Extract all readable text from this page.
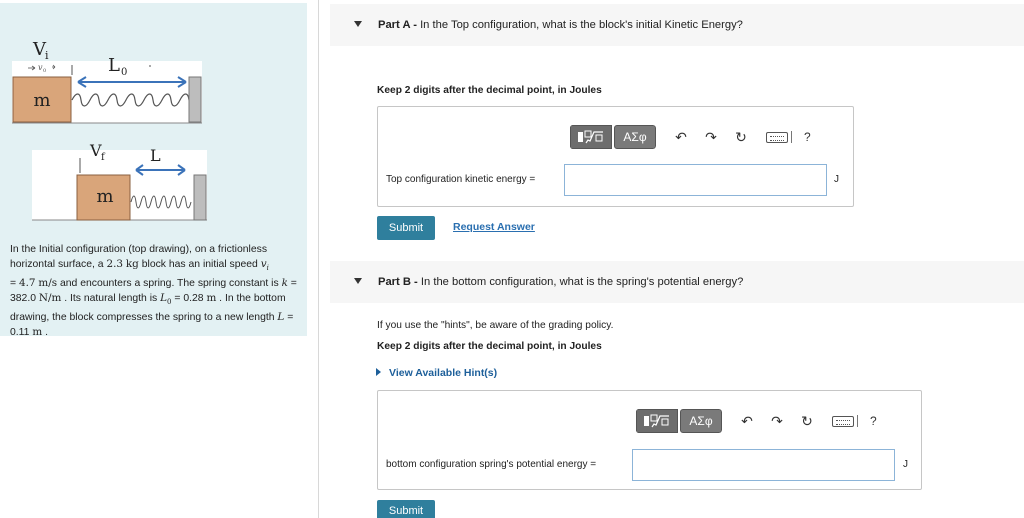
m
L 0
V i
v 0
m
L
V f
In the Initial configuration (top drawing), on a frictionless horizontal surface, a 2.3 kg block has an initial speed $v_i$
= 4.7 m/s and encounters a spring. The spring constant is k = 382.0 N/m . Its natural length is $L_0 = 0.28$ m . In the bottom drawing, the block compresses the spring to a new length L = 0.11 m .
Part A - In the Top configuration, what is the block's initial Kinetic Energy?
Keep 2 digits after the decimal point, in Joules
ΑΣφ	↶	↷	↻	?
Top configuration kinetic energy =	J
Submit	Request Answer
Part B - In the bottom configuration, what is the spring's potential energy?
If you use the "hints", be aware of the grading policy.
Keep 2 digits after the decimal point, in Joules
View Available Hint(s)
ΑΣφ	↶	↷	↻	?
bottom configuration spring's potential energy =	J
Submit
